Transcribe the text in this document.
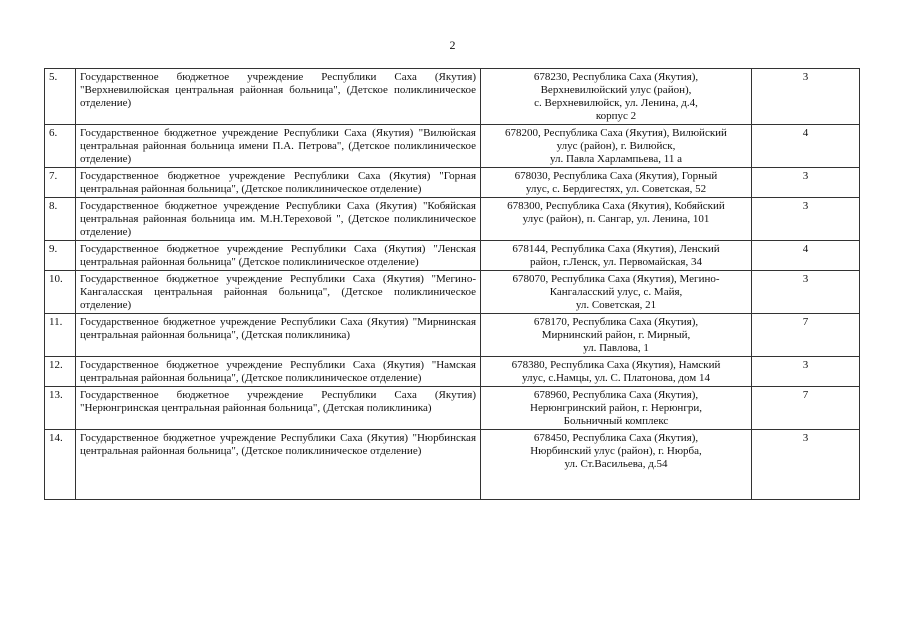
2
5.	Государственное бюджетное учреждение Республики Саха (Якутия) "Верхневилюйская центральная районная больница", (Детское поликлиническое отделение)	678230, Республика Саха (Якутия),
Верхневилюйский улус (район),
с. Верхневилюйск, ул. Ленина, д.4,
корпус 2	3
6.	Государственное бюджетное учреждение Республики Саха (Якутия) "Вилюйская центральная районная больница имени П.А. Петрова", (Детское поликлиническое отделение)	678200, Республика Саха (Якутия), Вилюйский
улус (район), г. Вилюйск,
ул. Павла Харлампьева, 11 а	4
7.	Государственное бюджетное учреждение Республики Саха (Якутия) "Горная центральная районная больница", (Детское поликлиническое отделение)	678030, Республика Саха (Якутия), Горный
улус, с. Бердигестях, ул. Советская, 52	3
8.	Государственное бюджетное учреждение Республики Саха (Якутия) "Кобяйская центральная районная больница им. М.Н.Тереховой ", (Детское поликлиническое отделение)	678300, Республика Саха (Якутия), Кобяйский
улус (район), п. Сангар, ул. Ленина, 101	3
9.	Государственное бюджетное учреждение Республики Саха (Якутия) "Ленская центральная районная больница" (Детское поликлиническое отделение)	678144, Республика Саха (Якутия), Ленский
район, г.Ленск, ул. Первомайская, 34	4
10.	Государственное бюджетное учреждение Республики Саха (Якутия) "Мегино-Кангаласская центральная районная больница", (Детское поликлиническое отделение)	678070, Республика Саха (Якутия), Мегино-
Кангаласский улус, с. Майя,
ул. Советская, 21	3
11.	Государственное бюджетное учреждение Республики Саха (Якутия) "Мирнинская центральная районная больница", (Детская поликлиника)	678170, Республика Саха (Якутия),
Мирнинский район, г. Мирный,
ул. Павлова, 1	7
12.	Государственное бюджетное учреждение Республики Саха (Якутия) "Намская центральная районная больница", (Детское поликлиническое отделение)	678380, Республика Саха (Якутия), Намский
улус, с.Намцы, ул. С. Платонова, дом 14	3
13.	Государственное бюджетное учреждение Республики Саха (Якутия) "Нерюнгринская центральная районная больница", (Детская поликлиника)	678960, Республика Саха (Якутия),
Нерюнгринский район, г. Нерюнгри,
Больничный комплекс	7
14.	Государственное бюджетное учреждение Республики Саха (Якутия) "Нюрбинская центральная районная больница", (Детское поликлиническое отделение)	678450, Республика Саха (Якутия),
Нюрбинский улус (район), г. Нюрба,
ул. Ст.Васильева, д.54	3
